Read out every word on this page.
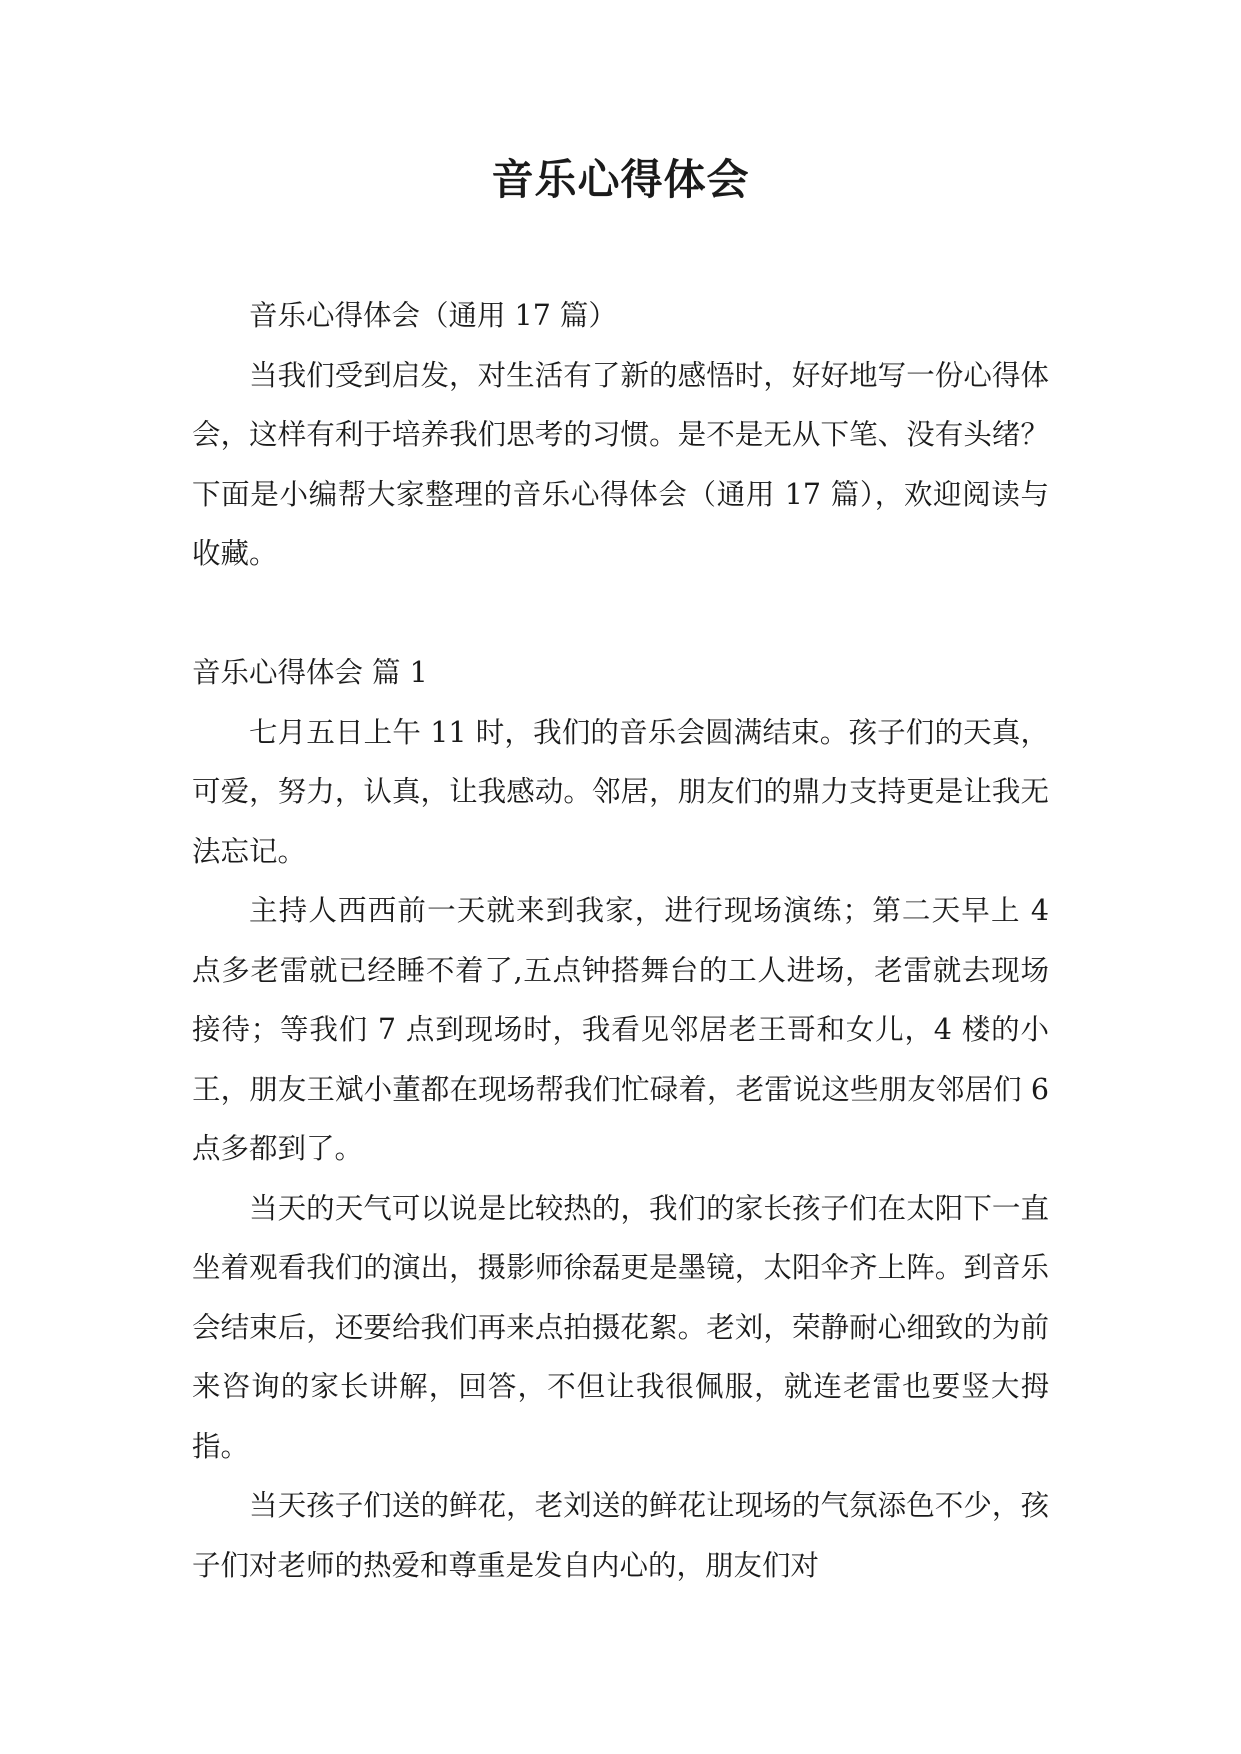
音乐心得体会

音乐心得体会（通用 17 篇）

当我们受到启发，对生活有了新的感悟时，好好地写一份心得体会，这样有利于培养我们思考的习惯。是不是无从下笔、没有头绪？下面是小编帮大家整理的音乐心得体会（通用 17 篇），欢迎阅读与收藏。

音乐心得体会 篇 1

七月五日上午 11 时，我们的音乐会圆满结束。孩子们的天真，可爱，努力，认真，让我感动。邻居，朋友们的鼎力支持更是让我无法忘记。

主持人西西前一天就来到我家，进行现场演练；第二天早上 4 点多老雷就已经睡不着了,五点钟搭舞台的工人进场，老雷就去现场接待；等我们 7 点到现场时，我看见邻居老王哥和女儿，4 楼的小王，朋友王斌小董都在现场帮我们忙碌着，老雷说这些朋友邻居们 6 点多都到了。

当天的天气可以说是比较热的，我们的家长孩子们在太阳下一直坐着观看我们的演出，摄影师徐磊更是墨镜，太阳伞齐上阵。到音乐会结束后，还要给我们再来点拍摄花絮。老刘，荣静耐心细致的为前来咨询的家长讲解，回答，不但让我很佩服，就连老雷也要竖大拇指。

当天孩子们送的鲜花，老刘送的鲜花让现场的气氛添色不少，孩子们对老师的热爱和尊重是发自内心的，朋友们对
